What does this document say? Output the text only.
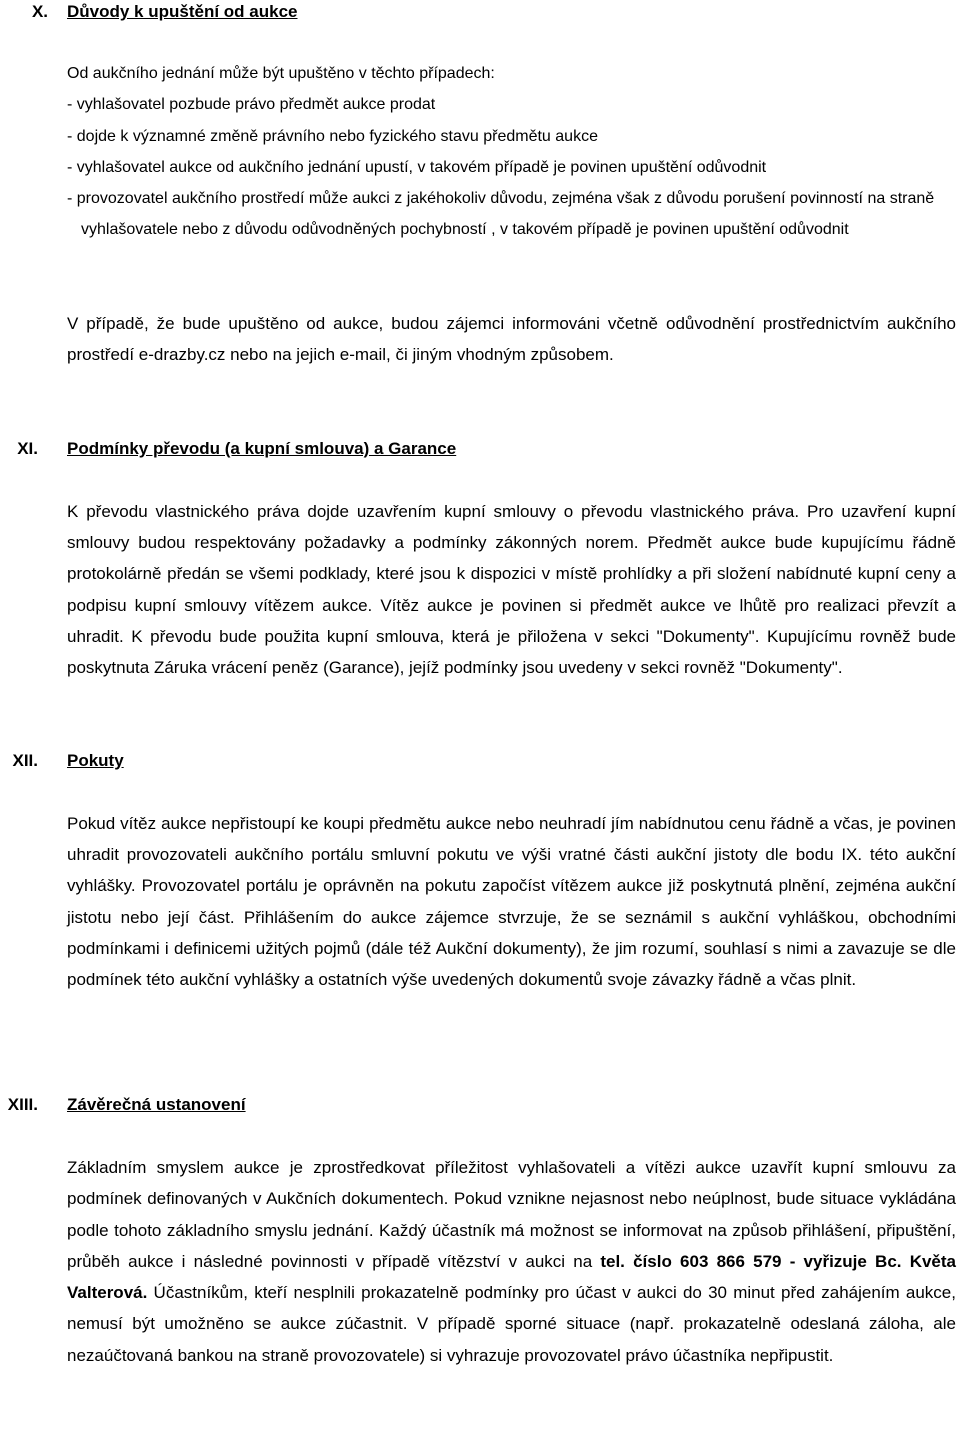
X. Důvody k upuštění od aukce
Od aukčního jednání může být upuštěno v těchto případech:
- vyhlašovatel pozbude právo předmět aukce prodat
- dojde k významné změně právního nebo fyzického stavu předmětu aukce
- vyhlašovatel aukce od aukčního jednání upustí, v takovém případě je povinen upuštění odůvodnit
- provozovatel aukčního prostředí může aukci z jakéhokoliv důvodu, zejména však z důvodu porušení povinností na straně vyhlašovatele nebo z důvodu odůvodněných pochybností , v takovém případě je povinen upuštění odůvodnit

V případě, že bude upuštěno od aukce, budou zájemci informováni včetně odůvodnění prostřednictvím aukčního prostředí e-drazby.cz nebo na jejich e-mail, či jiným vhodným způsobem.

XI. Podmínky převodu (a kupní smlouva) a Garance

K převodu vlastnického práva dojde uzavřením kupní smlouvy o převodu vlastnického práva. Pro uzavření kupní smlouvy budou respektovány požadavky a podmínky zákonných norem. Předmět aukce bude kupujícímu řádně protokolárně předán se všemi podklady, které jsou k dispozici v místě prohlídky a při složení nabídnuté kupní ceny a podpisu kupní smlouvy vítězem aukce. Vítěz aukce je povinen si předmět aukce ve lhůtě pro realizaci převzít a uhradit. K převodu bude použita kupní smlouva, která je přiložena v sekci "Dokumenty". Kupujícímu rovněž bude poskytnuta Záruka vrácení peněz (Garance), jejíž podmínky jsou uvedeny v sekci rovněž "Dokumenty".

XII. Pokuty

Pokud vítěz aukce nepřistoupí ke koupi předmětu aukce nebo neuhradí jím nabídnutou cenu řádně a včas, je povinen uhradit provozovateli aukčního portálu smluvní pokutu ve výši vratné části aukční jistoty dle bodu IX. této aukční vyhlášky. Provozovatel portálu je oprávněn na pokutu započíst vítězem aukce již poskytnutá plnění, zejména aukční jistotu nebo její část. Přihlášením do aukce zájemce stvrzuje, že se seznámil s aukční vyhláškou, obchodními podmínkami i definicemi užitých pojmů (dále též Aukční dokumenty), že jim rozumí, souhlasí s nimi a zavazuje se dle podmínek této aukční vyhlášky a ostatních výše uvedených dokumentů svoje závazky řádně a včas plnit.

XIII. Závěrečná ustanovení

Základním smyslem aukce je zprostředkovat příležitost vyhlašovateli a vítězi aukce uzavřít kupní smlouvu za podmínek definovaných v Aukčních dokumentech. Pokud vznikne nejasnost nebo neúplnost, bude situace vykládána podle tohoto základního smyslu jednání. Každý účastník má možnost se informovat na způsob přihlášení, připuštění, průběh aukce i následné povinnosti v případě vítězství v aukci na tel. číslo 603 866 579 - vyřizuje Bc. Květa Valterová. Účastníkům, kteří nesplnili prokazatelně podmínky pro účast v aukci do 30 minut před zahájením aukce, nemusí být umožněno se aukce zúčastnit. V případě sporné situace (např. prokazatelně odeslaná záloha, ale nezaúčtovaná bankou na straně provozovatele) si vyhrazuje provozovatel právo účastníka nepřipustit.
